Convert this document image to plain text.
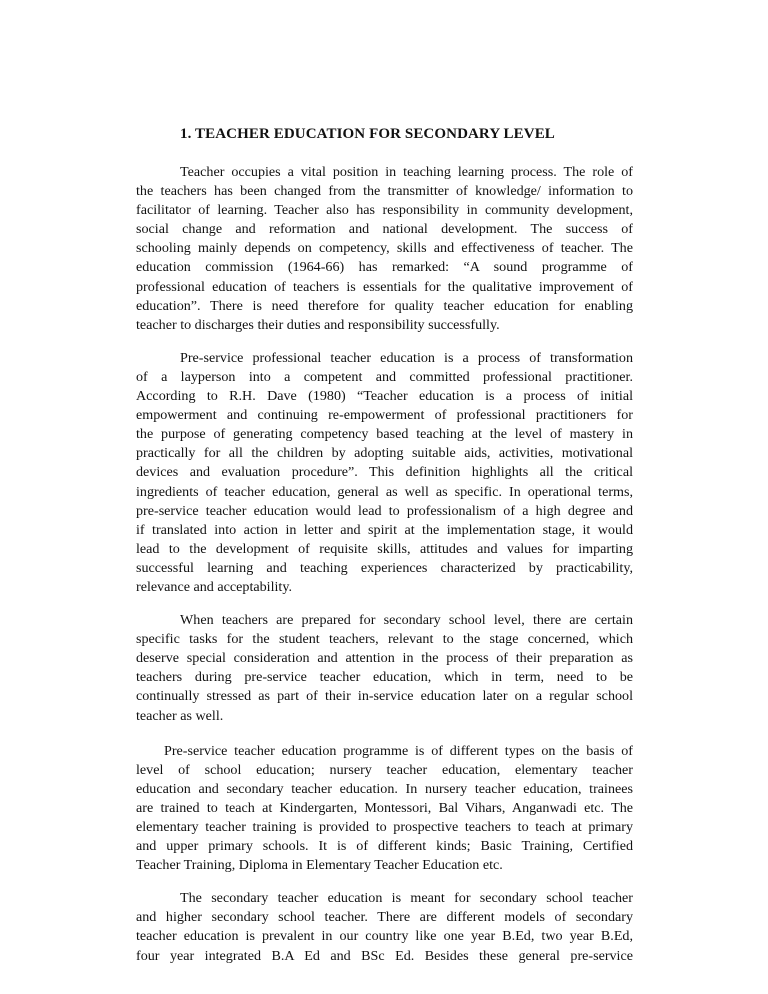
1. TEACHER EDUCATION FOR SECONDARY LEVEL

Teacher occupies a vital position in teaching learning process. The role of
the teachers has been changed from the transmitter of knowledge/ information to
facilitator of learning. Teacher also has responsibility in community development,
social change and reformation and national development. The success of
schooling mainly depends on competency, skills and effectiveness of teacher. The
education commission (1964-66) has remarked: “A sound programme of
professional education of teachers is essentials for the qualitative improvement of
education”. There is need therefore for quality teacher education for enabling
teacher to discharges their duties and responsibility successfully.

Pre-service professional teacher education is a process of transformation
of a layperson into a competent and committed professional practitioner.
According to R.H. Dave (1980) “Teacher education is a process of initial
empowerment and continuing re-empowerment of professional practitioners for
the purpose of generating competency based teaching at the level of mastery in
practically for all the children by adopting suitable aids, activities, motivational
devices and evaluation procedure”. This definition highlights all the critical
ingredients of teacher education, general as well as specific. In operational terms,
pre-service teacher education would lead to professionalism of a high degree and
if translated into action in letter and spirit at the implementation stage, it would
lead to the development of requisite skills, attitudes and values for imparting
successful learning and teaching experiences characterized by practicability,
relevance and acceptability.

When teachers are prepared for secondary school level, there are certain
specific tasks for the student teachers, relevant to the stage concerned, which
deserve special consideration and attention in the process of their preparation as
teachers during pre-service teacher education, which in term, need to be
continually stressed as part of their in-service education later on a regular school
teacher as well.

Pre-service teacher education programme is of different types on the basis of
level of school education; nursery teacher education, elementary teacher
education and secondary teacher education. In nursery teacher education, trainees
are trained to teach at Kindergarten, Montessori, Bal Vihars, Anganwadi etc. The
elementary teacher training is provided to prospective teachers to teach at primary
and upper primary schools. It is of different kinds; Basic Training, Certified
Teacher Training, Diploma in Elementary Teacher Education etc.

The secondary teacher education is meant for secondary school teacher
and higher secondary school teacher. There are different models of secondary
teacher education is prevalent in our country like one year B.Ed, two year B.Ed,
four year integrated B.A Ed and BSc Ed. Besides these general pre-service
